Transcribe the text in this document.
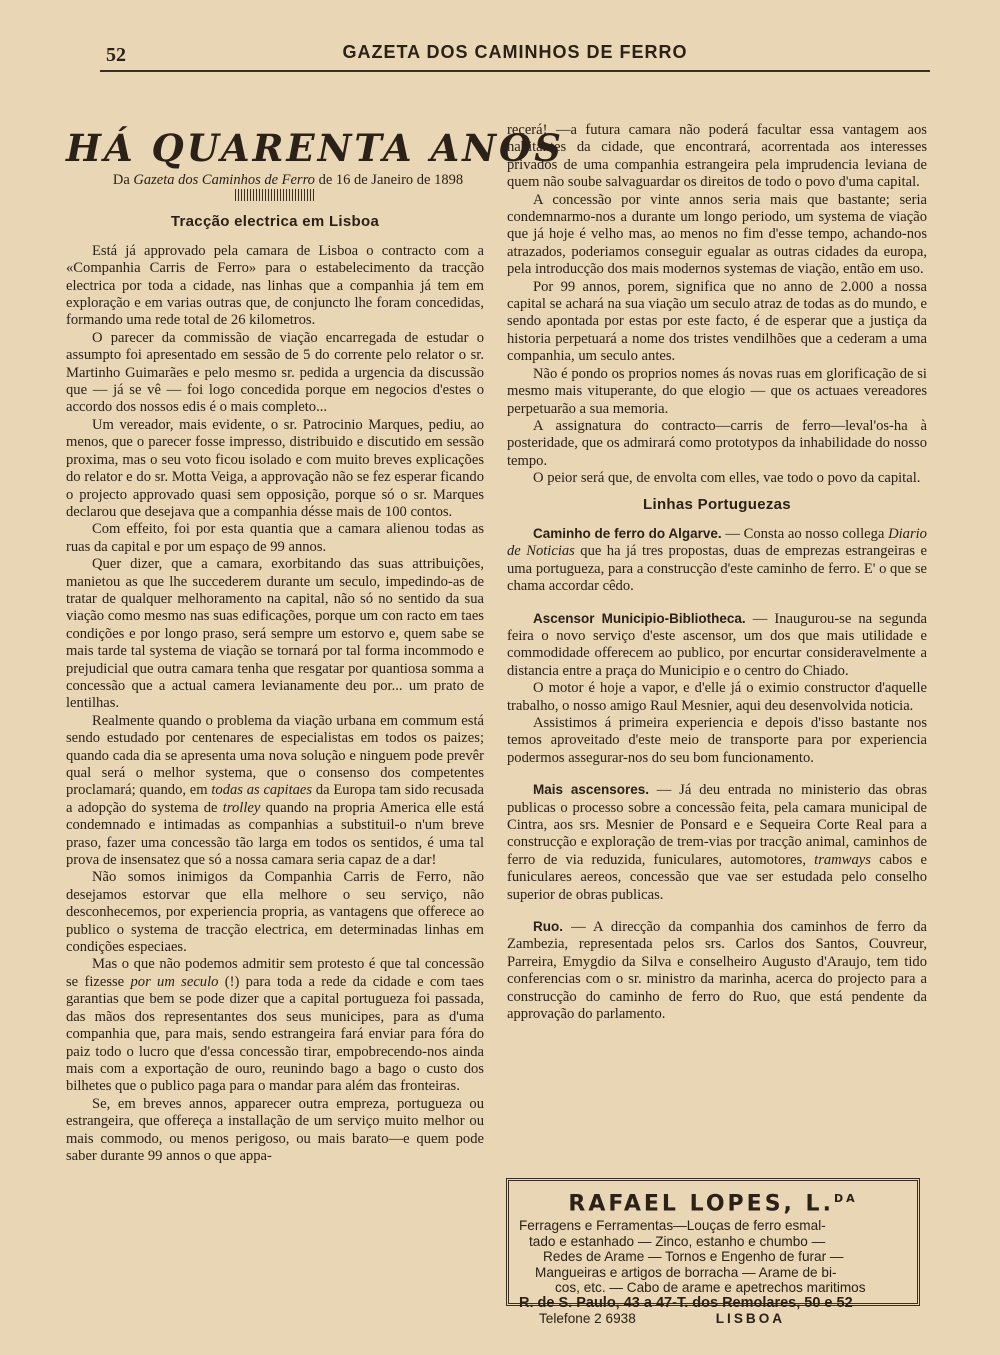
52	GAZETA DOS CAMINHOS DE FERRO
HÁ QUARENTA ANOS

Da Gazeta dos Caminhos de Ferro de 16 de Janeiro de 1898

Tracção electrica em Lisboa

Está já approvado pela camara de Lisboa o contracto com a «Companhia Carris de Ferro» para o estabelecimento da tracção electrica por toda a cidade, nas linhas que a companhia já tem em exploração e em varias outras que, de conjuncto lhe foram concedidas, formando uma rede total de 26 kilometros.

O parecer da commissão de viação encarregada de estudar o assumpto foi apresentado em sessão de 5 do corrente pelo relator o sr. Martinho Guimarães e pelo mesmo sr. pedida a urgencia da discussão que — já se vê — foi logo concedida porque em negocios d'estes o accordo dos nossos edis é o mais completo...

Um vereador, mais evidente, o sr. Patrocinio Marques, pediu, ao menos, que o parecer fosse impresso, distribuido e discutido em sessão proxima, mas o seu voto ficou isolado e com muito breves explicações do relator e do sr. Motta Veiga, a approvação não se fez esperar ficando o projecto approvado quasi sem opposição, porque só o sr. Marques declarou que desejava que a companhia désse mais de 100 contos.

Com effeito, foi por esta quantia que a camara alienou todas as ruas da capital e por um espaço de 99 annos.

Quer dizer, que a camara, exorbitando das suas attribuições, manietou as que lhe succederem durante um seculo, impedindo-as de tratar de qualquer melhoramento na capital, não só no sentido da sua viação como mesmo nas suas edificações, porque um con racto em taes condições e por longo praso, será sempre um estorvo e, quem sabe se mais tarde tal systema de viação se tornará por tal forma incommodo e prejudicial que outra camara tenha que resgatar por quantiosa somma a concessão que a actual camera levianamente deu por... um prato de lentilhas.

Realmente quando o problema da viação urbana em commum está sendo estudado por centenares de especialistas em todos os paizes; quando cada dia se apresenta uma nova solução e ninguem pode prevêr qual será o melhor systema, que o consenso dos competentes proclamará; quando, em todas as capitaes da Europa tam sido recusada a adopção do systema de trolley quando na propria America elle está condemnado e intimadas as companhias a substituil-o n'um breve praso, fazer uma concessão tão larga em todos os sentidos, é uma tal prova de insensatez que só a nossa camara seria capaz de a dar!

Não somos inimigos da Companhia Carris de Ferro, não desejamos estorvar que ella melhore o seu serviço, não desconhecemos, por experiencia propria, as vantagens que offerece ao publico o systema de tracção electrica, em determinadas linhas em condições especiaes.

Mas o que não podemos admitir sem protesto é que tal concessão se fizesse por um seculo (!) para toda a rede da cidade e com taes garantias que bem se pode dizer que a capital portugueza foi passada, das mãos dos representantes dos seus municipes, para as d'uma companhia que, para mais, sendo estrangeira fará enviar para fóra do paiz todo o lucro que d'essa concessão tirar, empobrecendo-nos ainda mais com a exportação de ouro, reunindo bago a bago o custo dos bilhetes que o publico paga para o mandar para além das fronteiras.

Se, em breves annos, apparecer outra empreza, portugueza ou estrangeira, que offereça a installação de um serviço muito melhor ou mais commodo, ou menos perigoso, ou mais barato—e quem pode saber durante 99 annos o que appa-

recerá! —a futura camara não poderá facultar essa vantagem aos habitantes da cidade, que encontrará, acorrentada aos interesses privados de uma companhia estrangeira pela imprudencia leviana de quem não soube salvaguardar os direitos de todo o povo d'uma capital.

A concessão por vinte annos seria mais que bastante; seria condemnarmo-nos a durante um longo periodo, um systema de viação que já hoje é velho mas, ao menos no fim d'esse tempo, achando-nos atrazados, poderiamos conseguir egualar as outras cidades da europa, pela introducção dos mais modernos systemas de viação, então em uso.

Por 99 annos, porem, significa que no anno de 2.000 a nossa capital se achará na sua viação um seculo atraz de todas as do mundo, e sendo apontada por estas por este facto, é de esperar que a justiça da historia perpetuará a nome dos tristes vendilhões que a cederam a uma companhia, um seculo antes.

Não é pondo os proprios nomes ás novas ruas em glorificação de si mesmo mais vituperante, do que elogio — que os actuaes vereadores perpetuarão a sua memoria.

A assignatura do contracto—carris de ferro—leval'os-ha à posteridade, que os admirará como prototypos da inhabilidade do nosso tempo.

O peior será que, de envolta com elles, vae todo o povo da capital.

Linhas Portuguezas

Caminho de ferro do Algarve. — Consta ao nosso collega Diario de Noticias que ha já tres propostas, duas de emprezas estrangeiras e uma portugueza, para a construcção d'este caminho de ferro. E' o que se chama accordar cêdo.

Ascensor Municipio-Bibliotheca. — Inaugurou-se na segunda feira o novo serviço d'este ascensor, um dos que mais utilidade e commodidade offerecem ao publico, por encurtar consideravelmente a distancia entre a praça do Municipio e o centro do Chiado.

O motor é hoje a vapor, e d'elle já o eximio constructor d'aquelle trabalho, o nosso amigo Raul Mesnier, aqui deu desenvolvida noticia.

Assistimos á primeira experiencia e depois d'isso bastante nos temos aproveitado d'este meio de transporte para por experiencia podermos assegurar-nos do seu bom funcionamento.

Mais ascensores. — Já deu entrada no ministerio das obras publicas o processo sobre a concessão feita, pela camara municipal de Cintra, aos srs. Mesnier de Ponsard e e Sequeira Corte Real para a construcção e exploração de trem-vias por tracção animal, caminhos de ferro de via reduzida, funiculares, automotores, tramways cabos e funiculares aereos, concessão que vae ser estudada pelo conselho superior de obras publicas.

Ruo. — A direcção da companhia dos caminhos de ferro da Zambezia, representada pelos srs. Carlos dos Santos, Couvreur, Parreira, Emygdio da Silva e conselheiro Augusto d'Araujo, tem tido conferencias com o sr. ministro da marinha, acerca do projecto para a construcção do caminho de ferro do Ruo, que está pendente da approvação do parlamento.

RAFAEL LOPES, L.$^{DA}$

Ferragens e Ferramentas—Louças de ferro esmal-

tado e estanhado — Zinco, estanho e chumbo —

Redes de Arame — Tornos e Engenho de furar —

Mangueiras e artigos de borracha — Arame de bi-

cos, etc. — Cabo de arame e apetrechos maritimos

R. de S. Paulo, 43 a 47-T. dos Remolares, 50 e 52
Telefone 2 6938	LISBOA
